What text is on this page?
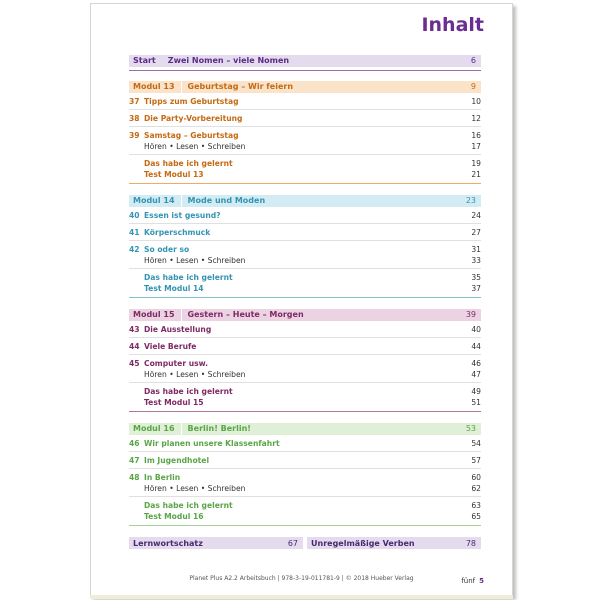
Inhalt
Start	Zwei Nomen – viele Nomen	6
Modul 13	Geburtstag – Wir feiern	9
37 Tipps zum Geburtstag	10
38 Die Party-Vorbereitung	12
39 Samstag – Geburtstag	16
Hören • Lesen • Schreiben	17
Das habe ich gelernt	19
Test Modul 13	21
Modul 14	Mode und Moden	23
40 Essen ist gesund?	24
41 Körperschmuck	27
42 So oder so	31
Hören • Lesen • Schreiben	33
Das habe ich gelernt	35
Test Modul 14	37
Modul 15	Gestern – Heute – Morgen	39
43 Die Ausstellung	40
44 Viele Berufe	44
45 Computer usw.	46
Hören • Lesen • Schreiben	47
Das habe ich gelernt	49
Test Modul 15	51
Modul 16	Berlin! Berlin!	53
46 Wir planen unsere Klassenfahrt	54
47 Im Jugendhotel	57
48 In Berlin	60
Hören • Lesen • Schreiben	62
Das habe ich gelernt	63
Test Modul 16	65
Lernwortschatz	67	Unregelmäßige Verben	78
Planet Plus A2.2 Arbeitsbuch | 978-3-19-011781-9 | © 2018 Hueber Verlag	fünf 5
